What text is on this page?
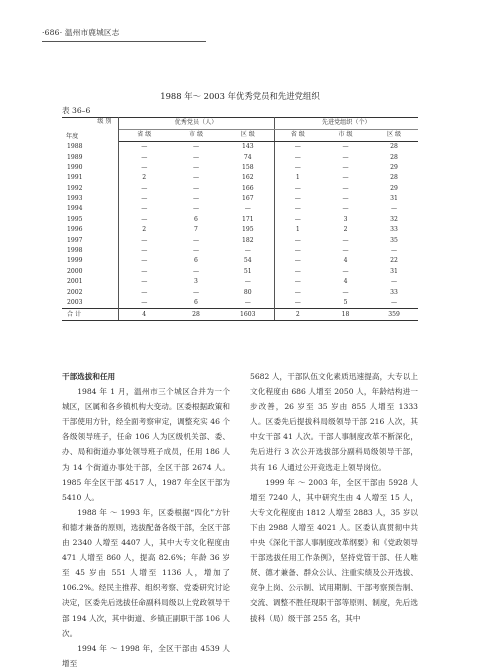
·686· 温州市鹿城区志
1988 年～ 2003 年优秀党员和先进党组织
表 36–6
级 别
年度	优秀党员（人）			先进党组织（个）		
	省 级	市 级	区 级	省 级	市 级	区 级
1988	—	—	143	—	—	28
1989	—	—	74	—	—	28
1990	—	—	158	—	—	29
1991	2	—	162	1	—	28
1992	—	—	166	—	—	29
1993	—	—	167	—	—	31
1994	—	—	—	—	—	—
1995	—	6	171	—	3	32
1996	2	7	195	1	2	33
1997	—	—	182	—	—	35
1998	—	—	—	—	—	—
1999	—	6	54	—	4	22
2000	—	—	51	—	—	31
2001	—	3	—	—	4	—
2002	—	—	80	—	—	33
2003	—	6	—	—	5	—
合 计	4	28	1603	2	18	359
干部选拔和任用

1984 年 1 月，温州市三个城区合并为一个城区，区属和各乡镇机构大变动。区委根据政策和干部使用方针，经全面考察审定，调整充实 46 个各级领导班子，任命 106 人为区级机关部、委、办、局和街道办事处领导班子成员，任用 186 人为 14 个街道办事处干部，全区干部 2674 人。1985 年全区干部 4517 人，1987 年全区干部为 5410 人。

1988 年 ～ 1993 年，区委根据“四化”方针和德才兼备的原则，选拔配备各级干部，全区干部由 2340 人增至 4407 人，其中大专文化程度由 471 人增至 860 人，提高 82.6%；年龄 36 岁至 45 岁由 551 人增至 1136 人，增加了 106.2%。经民主推荐、组织考察、党委研究讨论决定，区委先后选拔任命副科局级以上党政领导干部 194 人次，其中街道、乡镇正副职干部 106 人次。

1994 年 ～ 1998 年，全区干部由 4539 人增至

5682 人，干部队伍文化素质迅速提高，大专以上文化程度由 686 人增至 2050 人，年龄结构进一步改善，26 岁至 35 岁由 855 人增至 1333 人。区委先后提拔科局级领导干部 216 人次，其中女干部 41 人次。干部人事制度改革不断深化，先后进行 3 次公开选拔部分副科局级领导干部，共有 16 人通过公开竞选走上领导岗位。

1999 年 ～ 2003 年，全区干部由 5928 人增至 7240 人，其中研究生由 4 人增至 15 人，大专文化程度由 1812 人增至 2883 人，35 岁以下由 2988 人增至 4021 人。区委认真贯彻中共中央《深化干部人事制度改革纲要》和《党政领导干部选拔任用工作条例》，坚持党管干部、任人唯贤、德才兼备、群众公认、注重实绩及公开选拔、竞争上岗、公示制、试用期制、干部考察预告制、交流、调整不胜任现职干部等原则、制度，先后选拔科（局）级干部 255 名，其中
